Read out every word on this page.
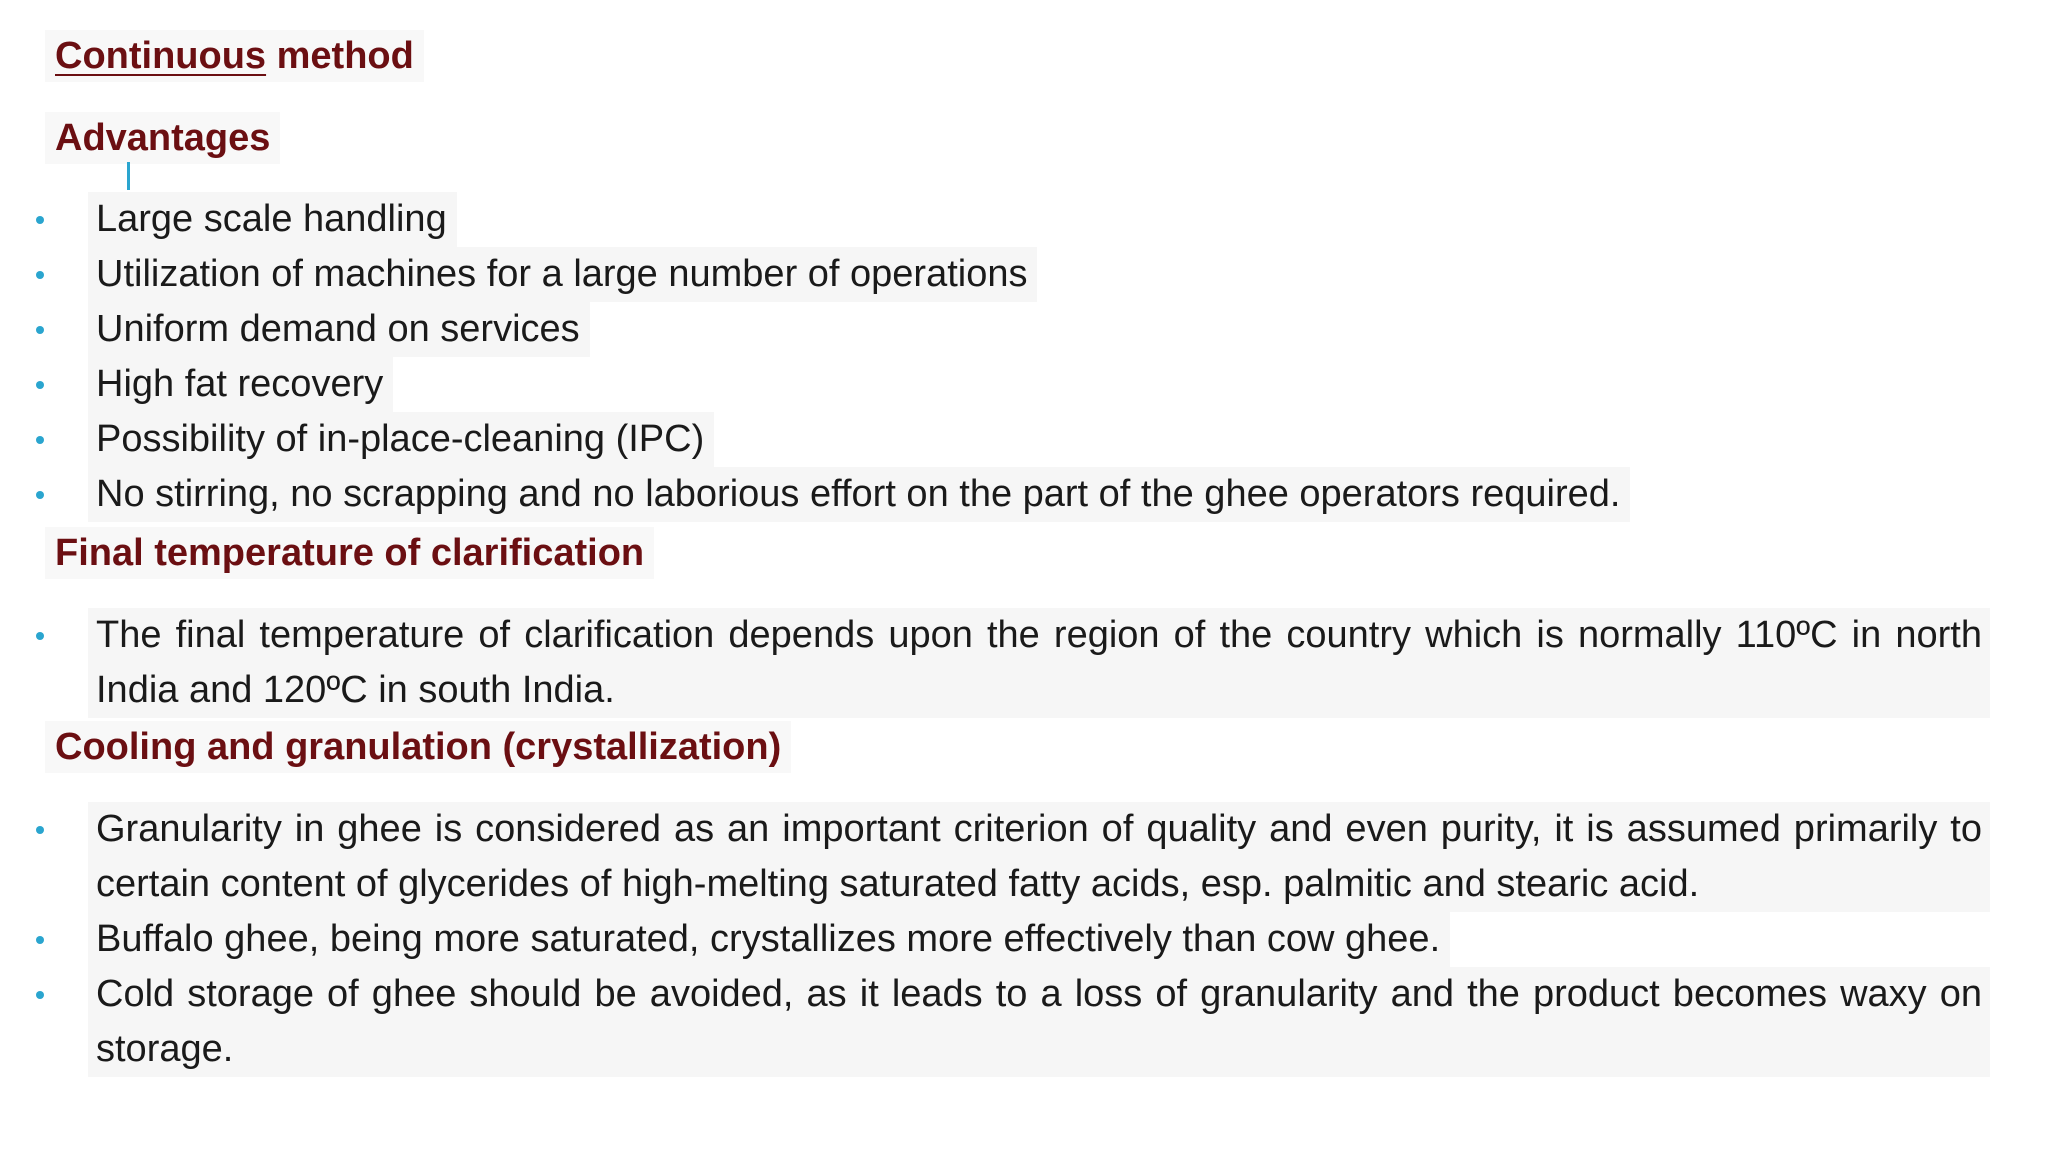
Continuous method
Advantages
Large scale handling
Utilization of machines for a large number of operations
Uniform demand on services
High fat recovery
Possibility of in-place-cleaning (IPC)
No stirring, no scrapping and no laborious effort on the part of the ghee operators required.
Final temperature of clarification
The final temperature of clarification depends upon the region of the country which is normally 110ºC in north India and 120ºC in south India.
Cooling and granulation (crystallization)
Granularity in ghee is considered as an important criterion of quality and even purity, it is assumed primarily to certain content of glycerides of high-melting saturated fatty acids, esp. palmitic and stearic acid.
Buffalo ghee, being more saturated, crystallizes more effectively than cow ghee.
Cold storage of ghee should be avoided, as it leads to a loss of granularity and the product becomes waxy on storage.
